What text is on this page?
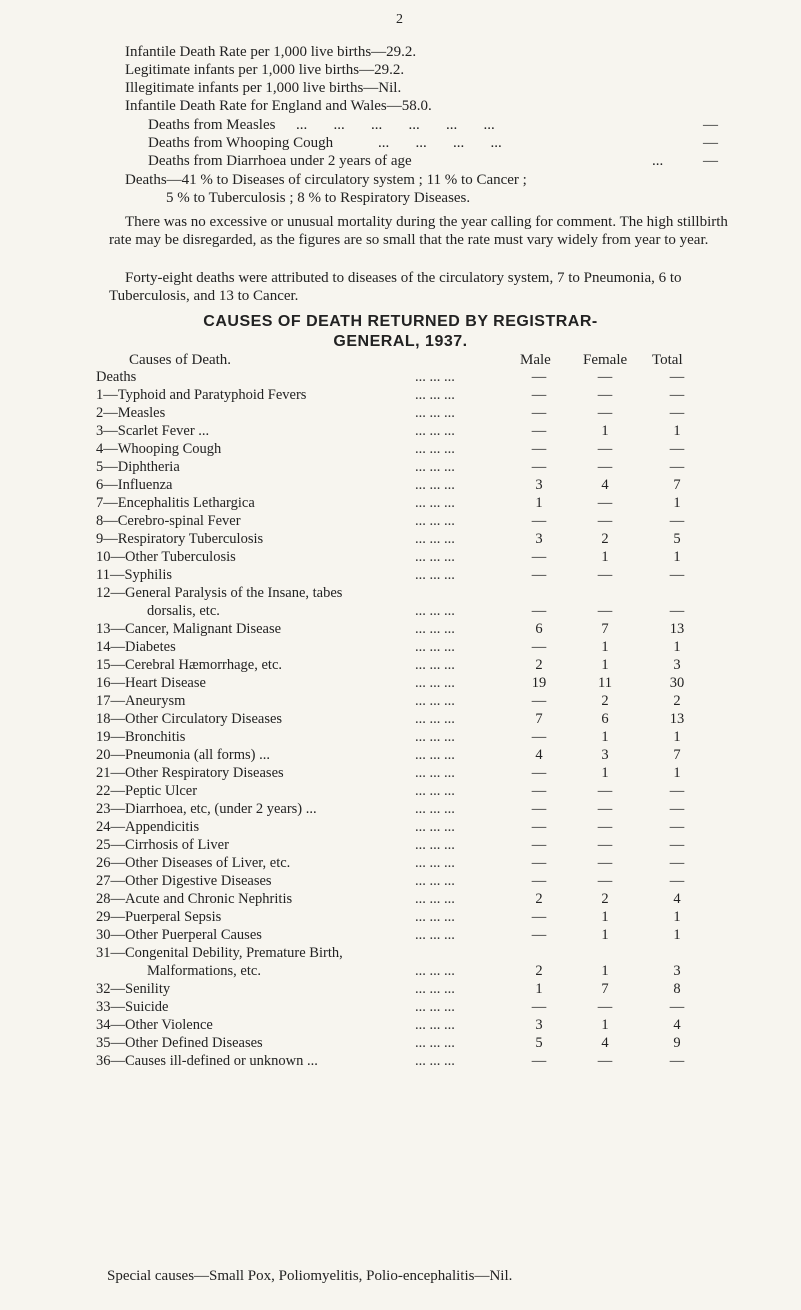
2
Infantile Death Rate per 1,000 live births—29.2.
Legitimate infants per 1,000 live births—29.2.
Illegitimate infants per 1,000 live births—Nil.
Infantile Death Rate for England and Wales—58.0.
Deaths from Measles ...       ...       ...       ...       ...       ...	—
Deaths from Whooping Cough	...       ...       ...       ...	—
Deaths from Diarrhoea under 2 years of age	...	—
Deaths—41 % to Diseases of circulatory system ; 11 % to Cancer ;
5 % to Tuberculosis ; 8 % to Respiratory Diseases.

There was no excessive or unusual mortality during the year calling for comment. The high stillbirth rate may be disregarded, as the figures are so small that the rate must vary widely from year to year.

Forty-eight deaths were attributed to diseases of the circulatory system, 7 to Pneumonia, 6 to Tuberculosis, and 13 to Cancer.

CAUSES OF DEATH RETURNED BY REGISTRAR-
GENERAL, 1937.
Causes of Death.	Male Female Total
Deaths	... ... ...	—	—	—
1—Typhoid and Paratyphoid Fevers	... ... ...	—	—	—
2—Measles	... ... ...	—	—	—
3—Scarlet Fever ...	... ... ...	—	1	1
4—Whooping Cough	... ... ...	—	—	—
5—Diphtheria	... ... ...	—	—	—
6—Influenza	... ... ...	3	4	7
7—Encephalitis Lethargica	... ... ...	1	—	1
8—Cerebro-spinal Fever	... ... ...	—	—	—
9—Respiratory Tuberculosis	... ... ...	3	2	5
10—Other Tuberculosis	... ... ...	—	1	1
11—Syphilis	... ... ...	—	—	—
12—General Paralysis of the Insane, tabes
dorsalis, etc.	... ... ...	—	—	—
13—Cancer, Malignant Disease	... ... ...	6	7	13
14—Diabetes	... ... ...	—	1	1
15—Cerebral Hæmorrhage, etc.	... ... ...	2	1	3
16—Heart Disease	... ... ...	19	11	30
17—Aneurysm	... ... ...	—	2	2
18—Other Circulatory Diseases	... ... ...	7	6	13
19—Bronchitis	... ... ...	—	1	1
20—Pneumonia (all forms) ...	... ... ...	4	3	7
21—Other Respiratory Diseases	... ... ...	—	1	1
22—Peptic Ulcer	... ... ...	—	—	—
23—Diarrhoea, etc, (under 2 years) ...	... ... ...	—	—	—
24—Appendicitis	... ... ...	—	—	—
25—Cirrhosis of Liver	... ... ...	—	—	—
26—Other Diseases of Liver, etc.	... ... ...	—	—	—
27—Other Digestive Diseases	... ... ...	—	—	—
28—Acute and Chronic Nephritis	... ... ...	2	2	4
29—Puerperal Sepsis	... ... ...	—	1	1
30—Other Puerperal Causes	... ... ...	—	1	1
31—Congenital Debility, Premature Birth,
Malformations, etc.	... ... ...	2	1	3
32—Senility	... ... ...	1	7	8
33—Suicide	... ... ...	—	—	—
34—Other Violence	... ... ...	3	1	4
35—Other Defined Diseases	... ... ...	5	4	9
36—Causes ill-defined or unknown ...	... ... ...	—	—	—
Special causes—Small Pox, Poliomyelitis, Polio-encephalitis—Nil.
